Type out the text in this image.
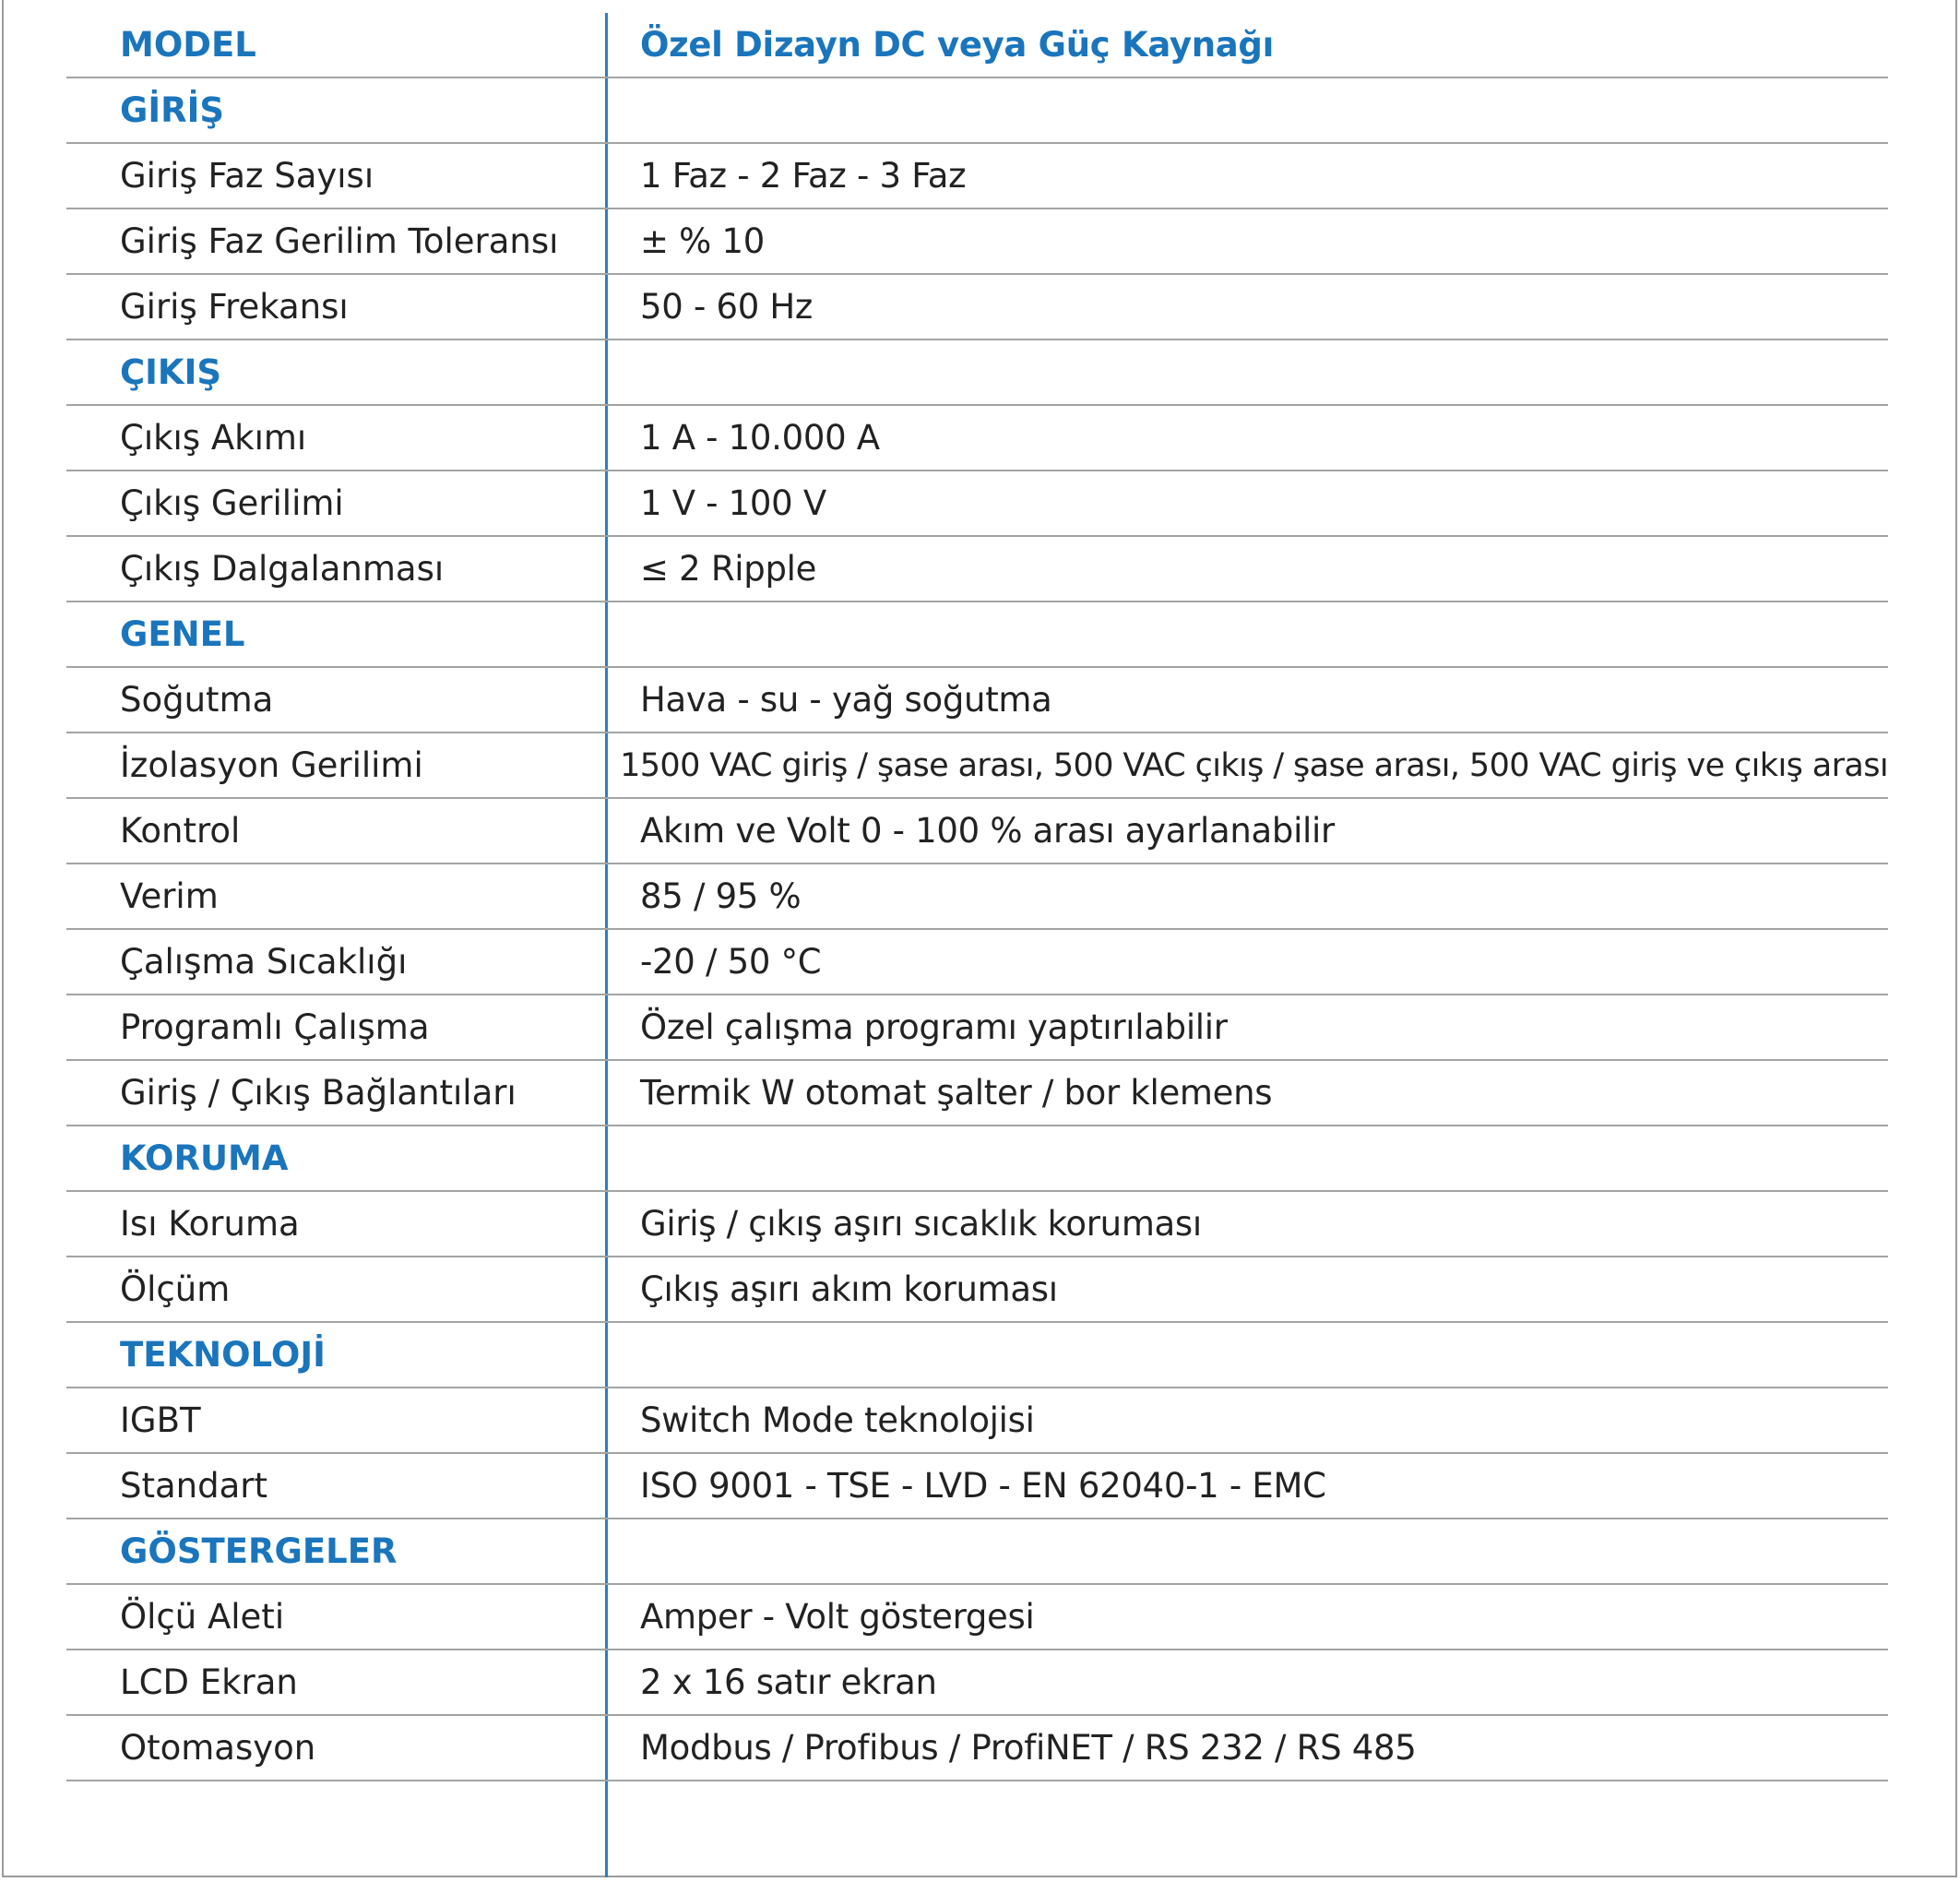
MODEL	Özel Dizayn DC veya Güç Kaynağı
GİRİŞ
Giriş Faz Sayısı	1 Faz - 2 Faz - 3 Faz
Giriş Faz Gerilim Toleransı	± % 10
Giriş Frekansı	50 - 60 Hz
ÇIKIŞ
Çıkış Akımı	1 A - 10.000 A
Çıkış Gerilimi	1 V - 100 V
Çıkış Dalgalanması	≤ 2 Ripple
GENEL
Soğutma	Hava - su - yağ soğutma
İzolasyon Gerilimi	1500 VAC giriş / şase arası, 500 VAC çıkış / şase arası, 500 VAC giriş ve çıkış arası
Kontrol	Akım ve Volt 0 - 100 % arası ayarlanabilir
Verim	85 / 95 %
Çalışma Sıcaklığı	-20 / 50 °C
Programlı Çalışma	Özel çalışma programı yaptırılabilir
Giriş / Çıkış Bağlantıları	Termik W otomat şalter / bor klemens
KORUMA
Isı Koruma	Giriş / çıkış aşırı sıcaklık koruması
Ölçüm	Çıkış aşırı akım koruması
TEKNOLOJİ
IGBT	Switch Mode teknolojisi
Standart	ISO 9001 - TSE - LVD - EN 62040-1 - EMC
GÖSTERGELER
Ölçü Aleti	Amper - Volt göstergesi
LCD Ekran	2 x 16 satır ekran
Otomasyon	Modbus / Profibus / ProfiNET / RS 232 / RS 485
